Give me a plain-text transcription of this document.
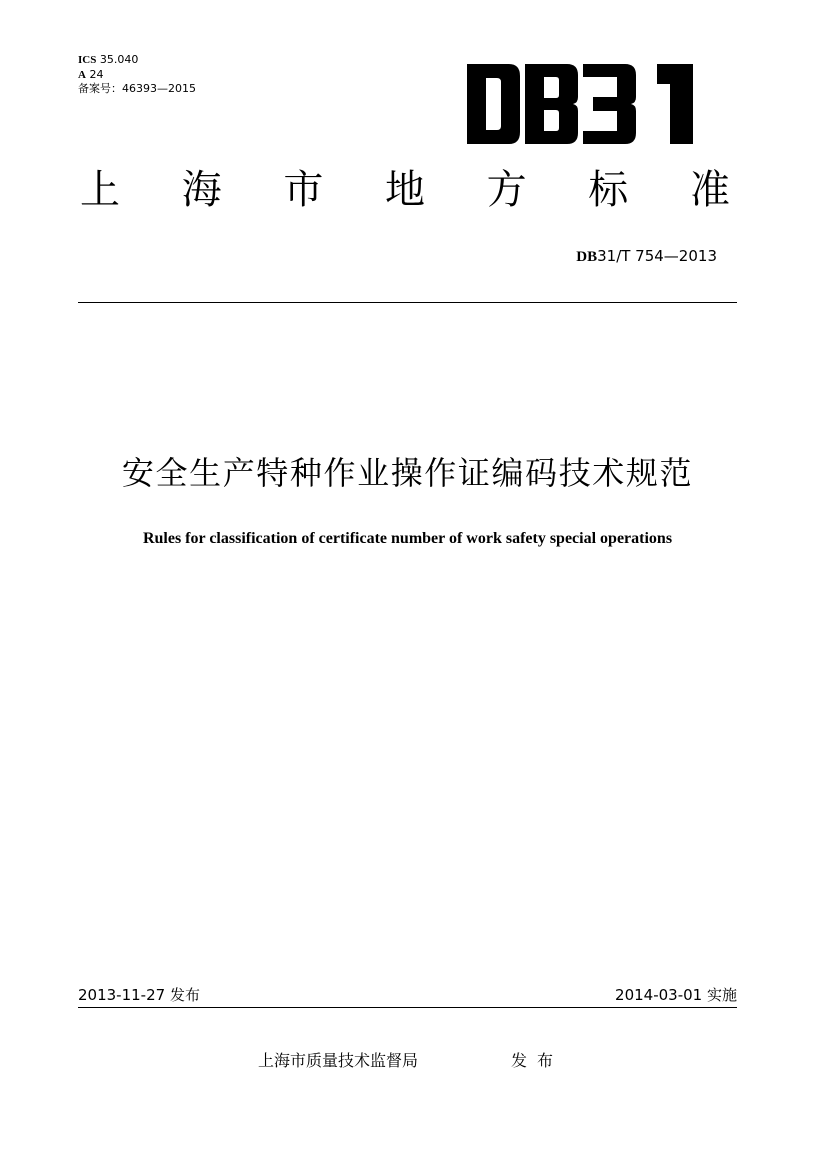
ICS 35.040
A 24
备案号：46393—2015
上 海 市 地 方 标 准
DB31/T 754—2013
安全生产特种作业操作证编码技术规范
Rules for classification of certificate number of work safety special operations
2013-11-27 发布	2014-03-01 实施
上海市质量技术监督局	发布
